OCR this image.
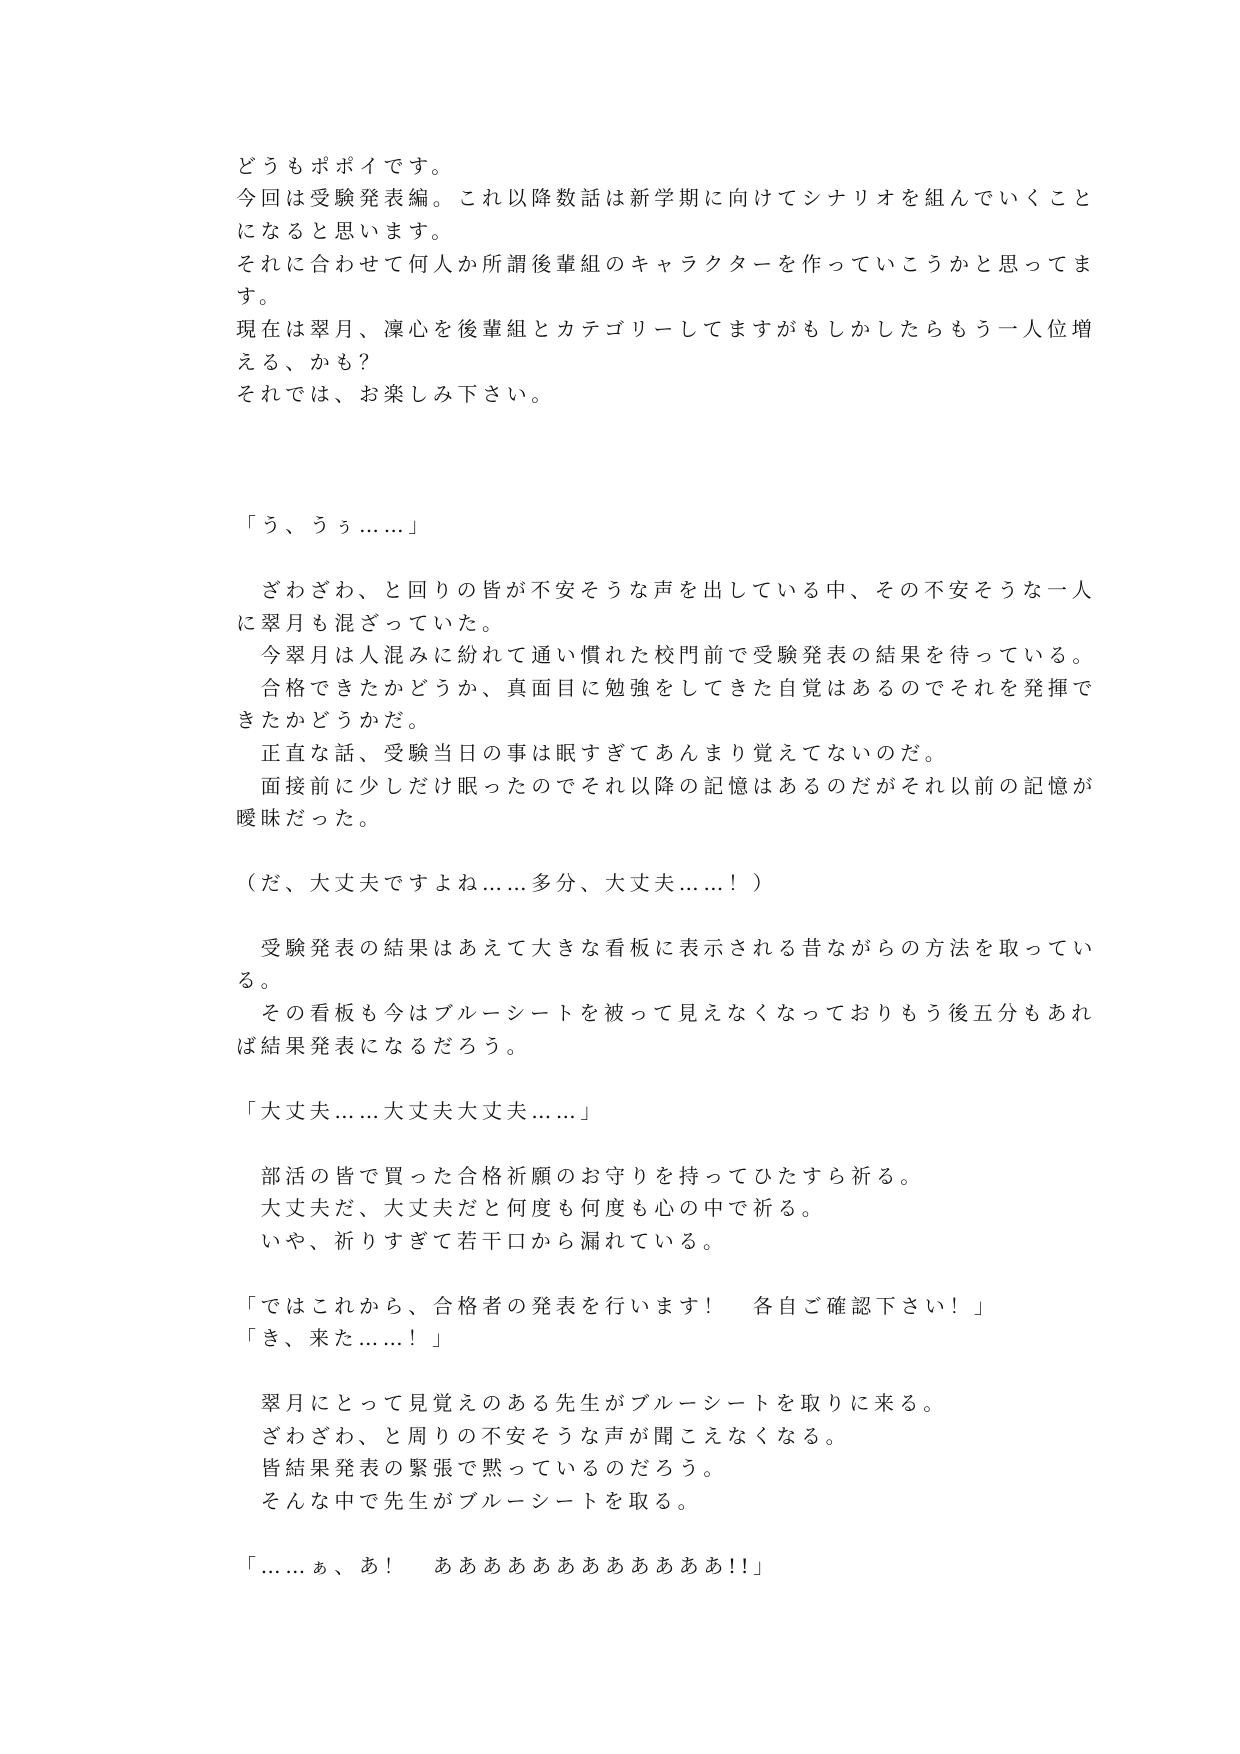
どうもポポイです。
今回は受験発表編。これ以降数話は新学期に向けてシナリオを組んでいくこと
になると思います。
それに合わせて何人か所謂後輩組のキャラクターを作っていこうかと思ってま
す。
現在は翠月、凜心を後輩組とカテゴリーしてますがもしかしたらもう一人位増
える、かも？
それでは、お楽しみ下さい。
「う、うぅ……」
　ざわざわ、と回りの皆が不安そうな声を出している中、その不安そうな一人
に翠月も混ざっていた。
　今翠月は人混みに紛れて通い慣れた校門前で受験発表の結果を待っている。
　合格できたかどうか、真面目に勉強をしてきた自覚はあるのでそれを発揮で
きたかどうかだ。
　正直な話、受験当日の事は眠すぎてあんまり覚えてないのだ。
　面接前に少しだけ眠ったのでそれ以降の記憶はあるのだがそれ以前の記憶が
曖昧だった。
（だ、大丈夫ですよね……多分、大丈夫……！）
　受験発表の結果はあえて大きな看板に表示される昔ながらの方法を取ってい
る。
　その看板も今はブルーシートを被って見えなくなっておりもう後五分もあれ
ば結果発表になるだろう。
「大丈夫……大丈夫大丈夫……」
　部活の皆で買った合格祈願のお守りを持ってひたすら祈る。
　大丈夫だ、大丈夫だと何度も何度も心の中で祈る。
　いや、祈りすぎて若干口から漏れている。
「ではこれから、合格者の発表を行います！　各自ご確認下さい！」
「き、来た……！」
　翠月にとって見覚えのある先生がブルーシートを取りに来る。
　ざわざわ、と周りの不安そうな声が聞こえなくなる。
　皆結果発表の緊張で黙っているのだろう。
　そんな中で先生がブルーシートを取る。
「……ぁ、あ！　ああああああああああああ!!」
